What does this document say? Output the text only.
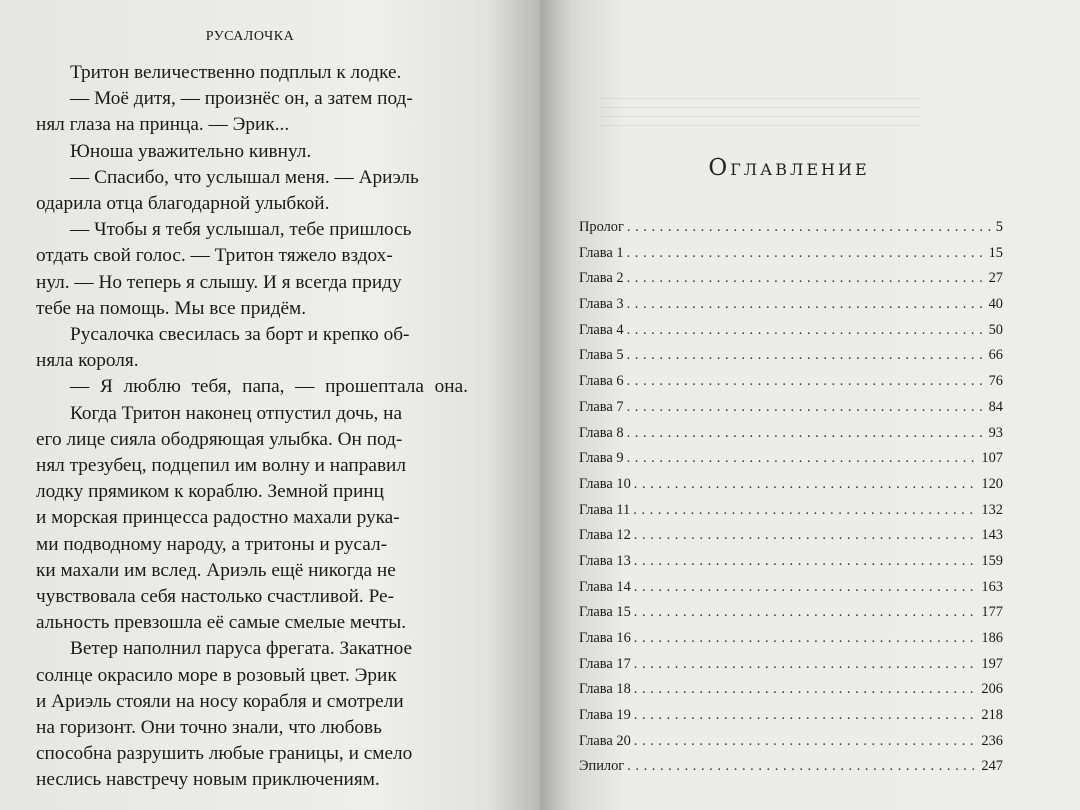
РУСАЛОЧКА
Тритон величественно подплыл к лодке.
— Моё дитя, — произнёс он, а затем под-
нял глаза на принца. — Эрик...
Юноша уважительно кивнул.
— Спасибо, что услышал меня. — Ариэль
одарила отца благодарной улыбкой.
— Чтобы я тебя услышал, тебе пришлось
отдать свой голос. — Тритон тяжело вздох-
нул. — Но теперь я слышу. И я всегда приду
тебе на помощь. Мы все придём.
Русалочка свесилась за борт и крепко об-
няла короля.
— Я люблю тебя, папа, — прошептала она.
Когда Тритон наконец отпустил дочь, на
его лице сияла ободряющая улыбка. Он под-
нял трезубец, подцепил им волну и направил
лодку прямиком к кораблю. Земной принц
и морская принцесса радостно махали рука-
ми подводному народу, а тритоны и русал-
ки махали им вслед. Ариэль ещё никогда не
чувствовала себя настолько счастливой. Ре-
альность превзошла её самые смелые мечты.
Ветер наполнил паруса фрегата. Закатное
солнце окрасило море в розовый цвет. Эрик
и Ариэль стояли на носу корабля и смотрели
на горизонт. Они точно знали, что любовь
способна разрушить любые границы, и смело
неслись навстречу новым приключениям.
Оглавление
Пролог .....	5
Глава 1 .....	15
Глава 2 .....	27
Глава 3 .....	40
Глава 4 .....	50
Глава 5 .....	66
Глава 6 .....	76
Глава 7 .....	84
Глава 8 .....	93
Глава 9 .....	107
Глава 10 .....	120
Глава 11 .....	132
Глава 12 .....	143
Глава 13 .....	159
Глава 14 .....	163
Глава 15 .....	177
Глава 16 .....	186
Глава 17 .....	197
Глава 18 .....	206
Глава 19 .....	218
Глава 20 .....	236
Эпилог .....	247
